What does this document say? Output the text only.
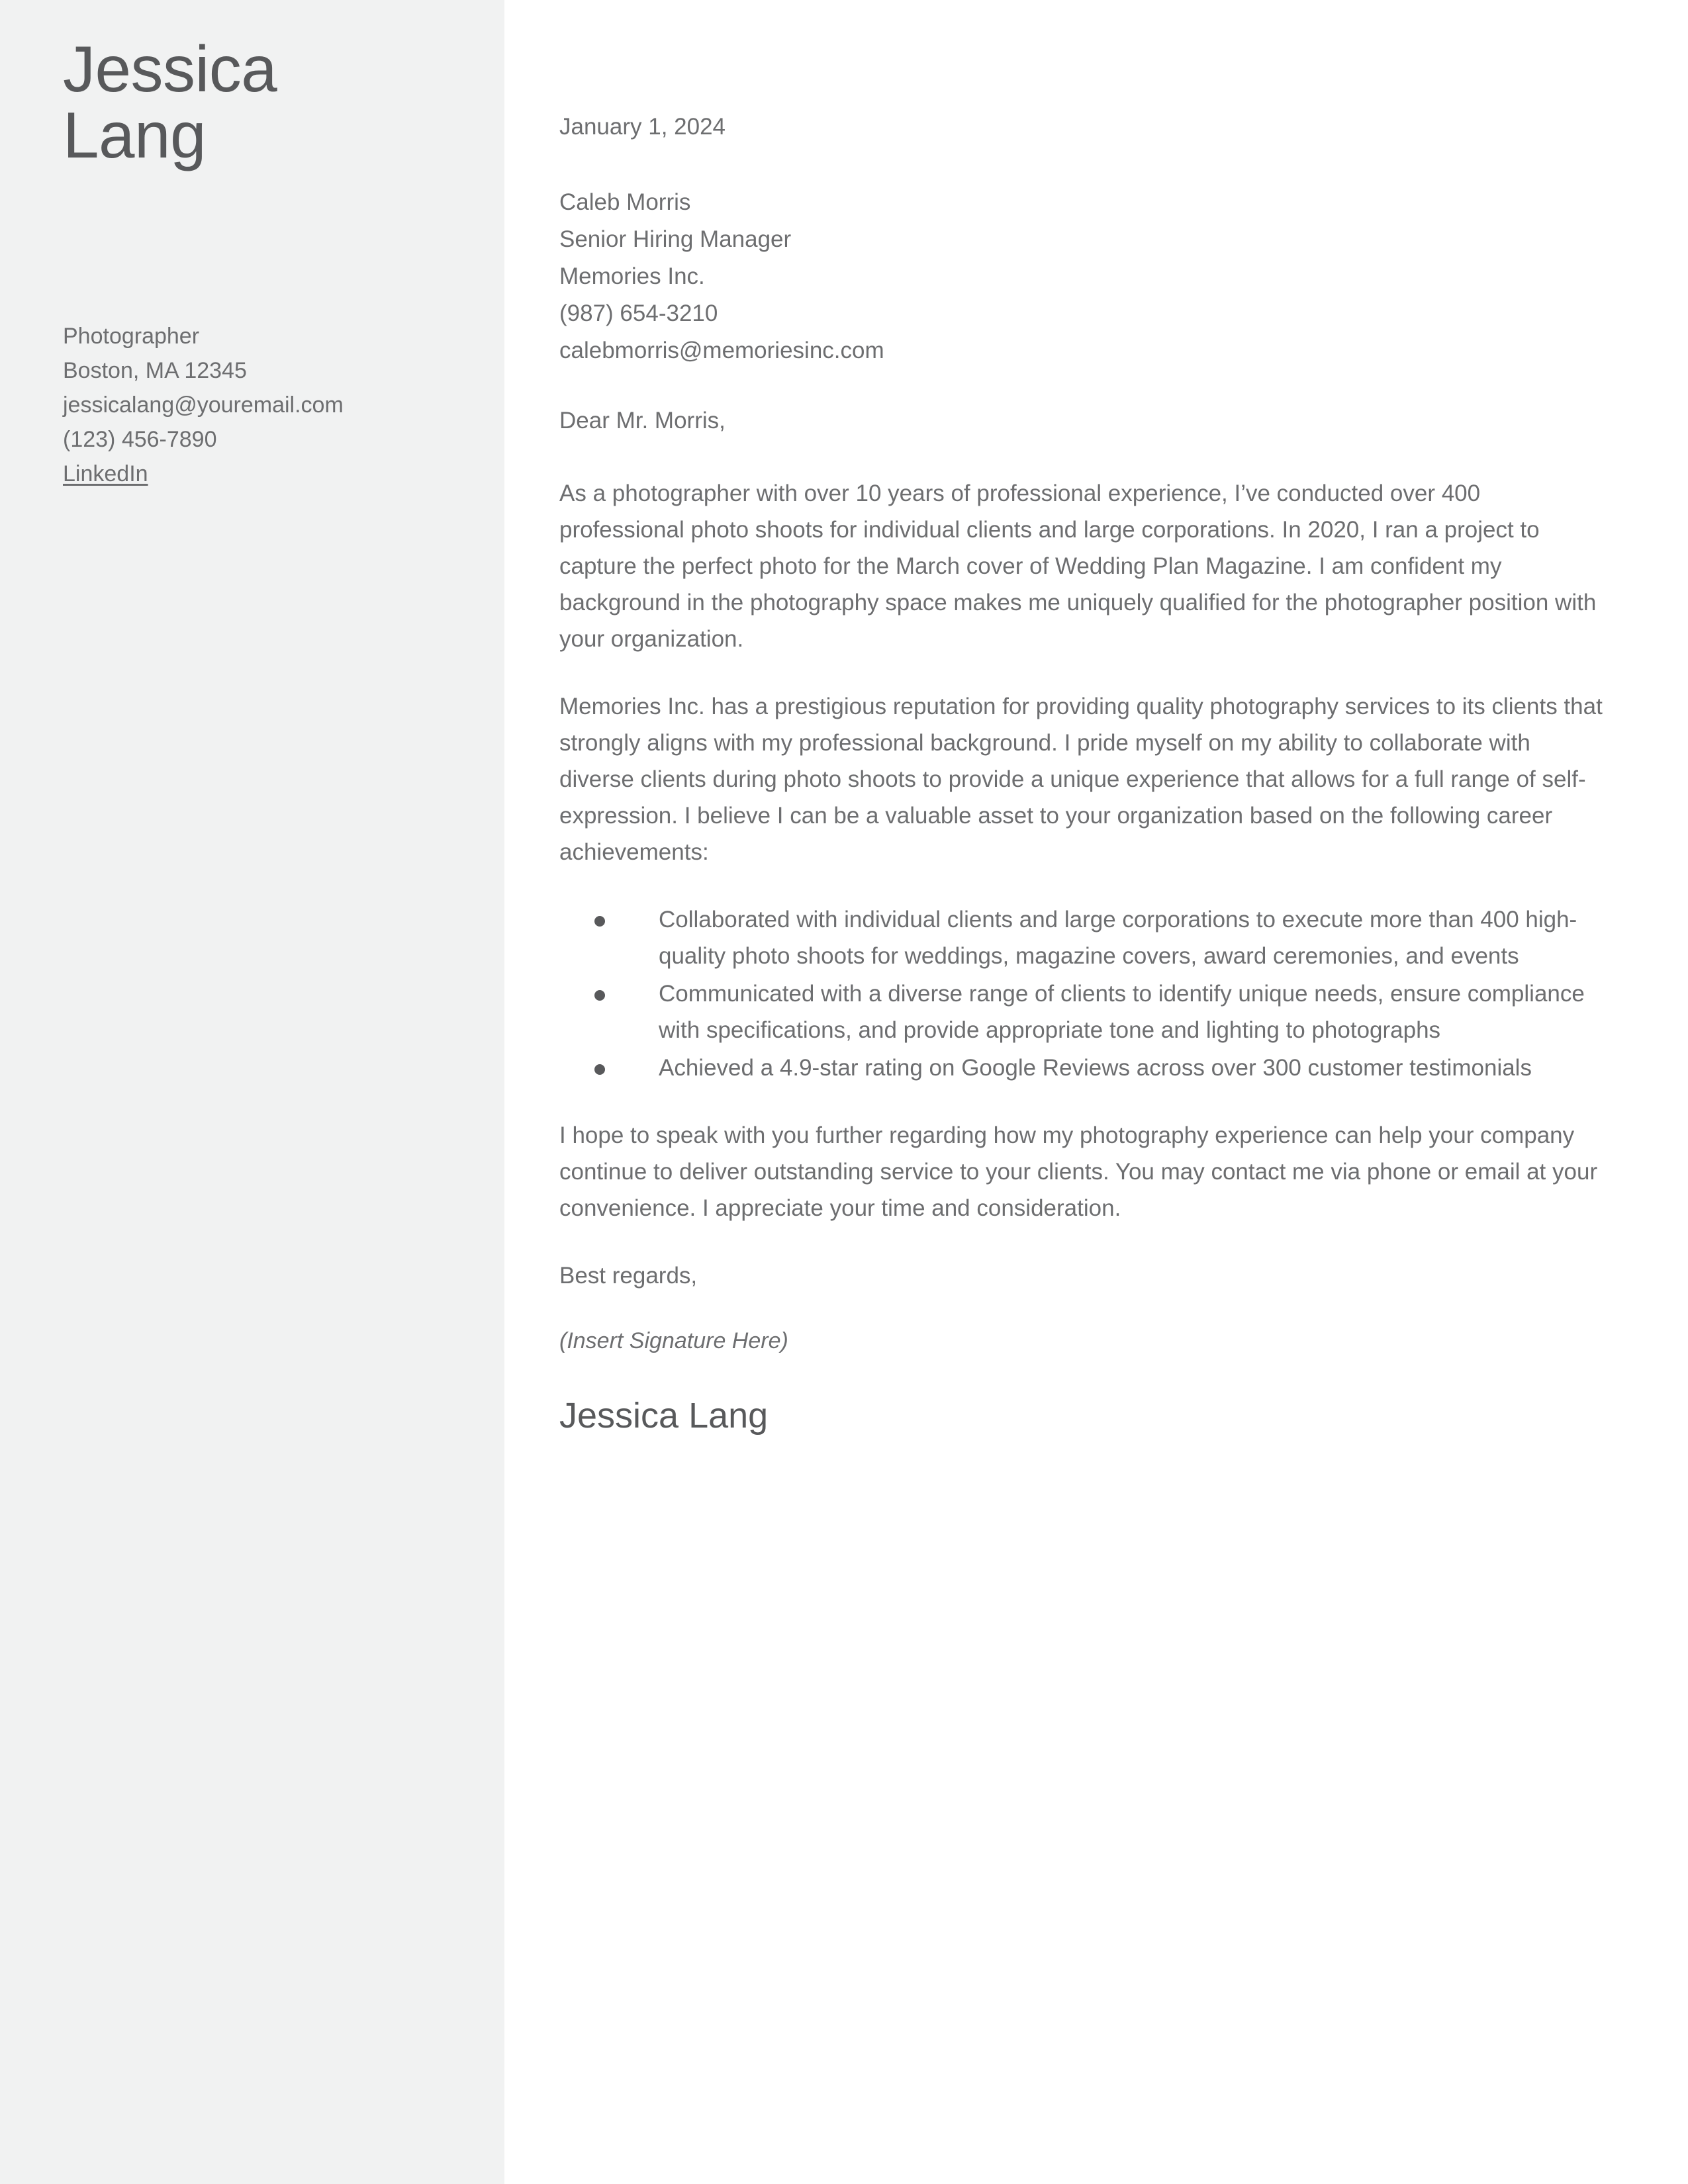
Jessica
Lang
Photographer
Boston, MA 12345
jessicalang@youremail.com
(123) 456-7890
LinkedIn
January 1, 2024
Caleb Morris
Senior Hiring Manager
Memories Inc.
(987) 654-3210
calebmorris@memoriesinc.com
Dear Mr. Morris,

As a photographer with over 10 years of professional experience, I’ve conducted over 400 professional photo shoots for individual clients and large corporations. In 2020, I ran a project to capture the perfect photo for the March cover of Wedding Plan Magazine. I am confident my background in the photography space makes me uniquely qualified for the photographer position with your organization.

Memories Inc. has a prestigious reputation for providing quality photography services to its clients that strongly aligns with my professional background. I pride myself on my ability to collaborate with diverse clients during photo shoots to provide a unique experience that allows for a full range of self-expression. I believe I can be a valuable asset to your organization based on the following career achievements:

Collaborated with individual clients and large corporations to execute more than 400 high-quality photo shoots for weddings, magazine covers, award ceremonies, and events
Communicated with a diverse range of clients to identify unique needs, ensure compliance with specifications, and provide appropriate tone and lighting to photographs
Achieved a 4.9-star rating on Google Reviews across over 300 customer testimonials

I hope to speak with you further regarding how my photography experience can help your company continue to deliver outstanding service to your clients. You may contact me via phone or email at your convenience. I appreciate your time and consideration.

Best regards,

(Insert Signature Here)

Jessica Lang
